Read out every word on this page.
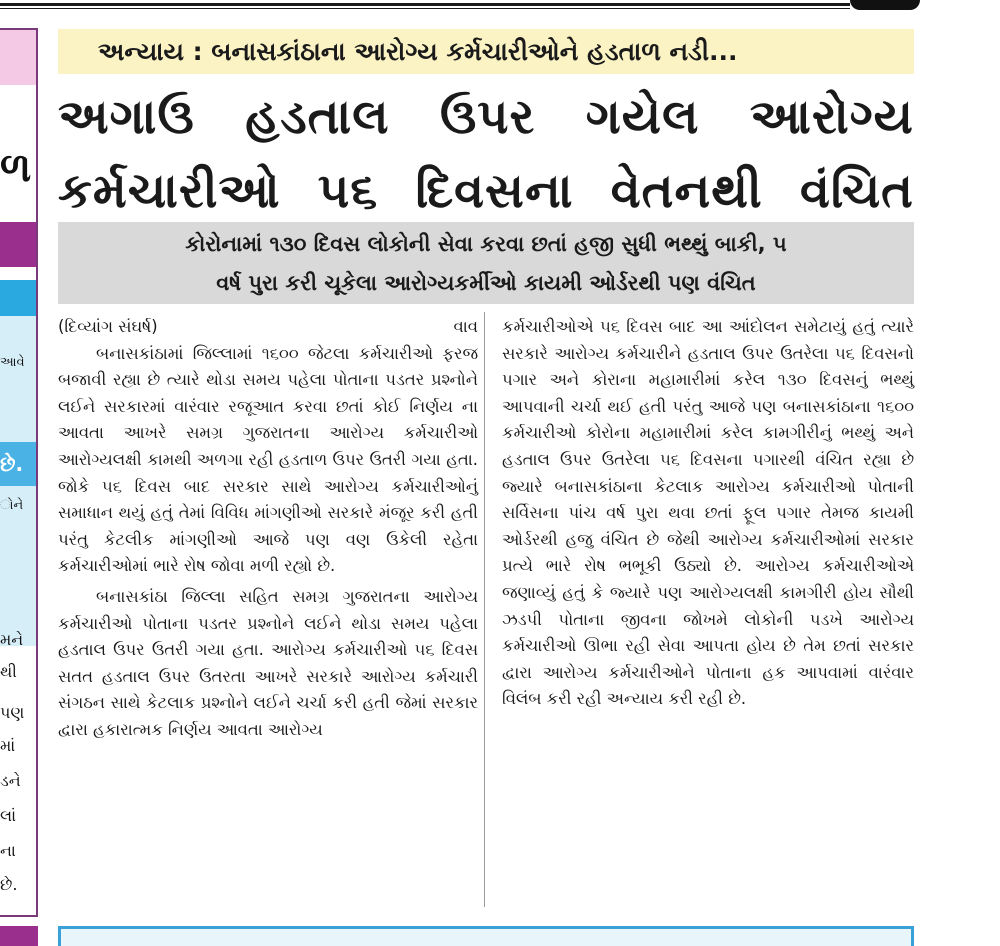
ળ
આવે
છે.
ોને
મને
થી
પણ
માં
ડને
લાં
ના
છે.
અન્યાય : બનાસકાંઠાના આરોગ્ય કર્મચારીઓને હડતાળ નડી...
અગાઉ હડતાલ ઉપર ગયેલ આરોગ્ય
કર્મચારીઓ ૫૬ દિવસના વેતનથી વંચિત
કોરોનામાં ૧૩૦ દિવસ લોકોની સેવા કરવા છતાં હજી સુધી ભથ્થું બાકી, ૫
વર્ષ પુરા કરી ચૂકેલા આરોગ્યકર્મીઓ કાયમી ઓર્ડરથી પણ વંચિત
(દિવ્યાંગ સંઘર્ષ)	વાવ

બનાસકાંઠામાં જિલ્લામાં ૧૬૦૦ જેટલા કર્મચારીઓ ફરજ બજાવી રહ્યા છે ત્યારે થોડા સમય પહેલા પોતાના પડતર પ્રશ્નોને લઈને સરકારમાં વારંવાર રજૂઆત કરવા છતાં કોઈ નિર્ણય ના આવતા આખરે સમગ્ર ગુજરાતના આરોગ્ય કર્મચારીઓ આરોગ્યલક્ષી કામથી અળગા રહી હડતાળ ઉપર ઉતરી ગયા હતા. જોકે ૫૬ દિવસ બાદ સરકાર સાથે આરોગ્ય કર્મચારીઓનું સમાધાન થયું હતું તેમાં વિવિધ માંગણીઓ સરકારે મંજૂર કરી હતી પરંતુ કેટલીક માંગણીઓ આજે પણ વણ ઉકેલી રહેતા કર્મચારીઓમાં ભારે રોષ જોવા મળી રહ્યો છે.

બનાસકાંઠા જિલ્લા સહિત સમગ્ર ગુજરાતના આરોગ્ય કર્મચારીઓ પોતાના પડતર પ્રશ્નોને લઈને થોડા સમય પહેલા હડતાલ ઉપર ઉતરી ગયા હતા. આરોગ્ય કર્મચારીઓ ૫૬ દિવસ સતત હડતાલ ઉપર ઉતરતા આખરે સરકારે આરોગ્ય કર્મચારી સંગઠન સાથે કેટલાક પ્રશ્નોને લઈને ચર્ચા કરી હતી જેમાં સરકાર દ્વારા હકારાત્મક નિર્ણય આવતા આરોગ્ય

કર્મચારીઓએ ૫૬ દિવસ બાદ આ આંદોલન સમેટાયું હતું ત્યારે સરકારે આરોગ્ય કર્મચારીને હડતાલ ઉપર ઉતરેલા ૫૬ દિવસનો પગાર અને કોરાના મહામારીમાં કરેલ ૧૩૦ દિવસનું ભથ્થું આપવાની ચર્ચા થઈ હતી પરંતુ આજે પણ બનાસકાંઠાના ૧૬૦૦ કર્મચારીઓ કોરોના મહામારીમાં કરેલ કામગીરીનું ભથ્થું અને હડતાલ ઉપર ઉતરેલા ૫૬ દિવસના પગારથી વંચિત રહ્યા છે જ્યારે બનાસકાંઠાના કેટલાક આરોગ્ય કર્મચારીઓ પોતાની સર્વિસના પાંચ વર્ષ પુરા થવા છતાં ફૂલ પગાર તેમજ કાયમી ઓર્ડરથી હજુ વંચિત છે જેથી આરોગ્ય કર્મચારીઓમાં સરકાર પ્રત્યે ભારે રોષ ભભૂકી ઉઠ્યો છે. આરોગ્ય કર્મચારીઓએ જણાવ્યું હતું કે જ્યારે પણ આરોગ્યલક્ષી કામગીરી હોય સૌથી ઝડપી પોતાના જીવના જોખમે લોકોની પડખે આરોગ્ય કર્મચારીઓ ઊભા રહી સેવા આપતા હોય છે તેમ છતાં સરકાર દ્વારા આરોગ્ય કર્મચારીઓને પોતાના હક આપવામાં વારંવાર વિલંબ કરી રહી અન્યાય કરી રહી છે.
